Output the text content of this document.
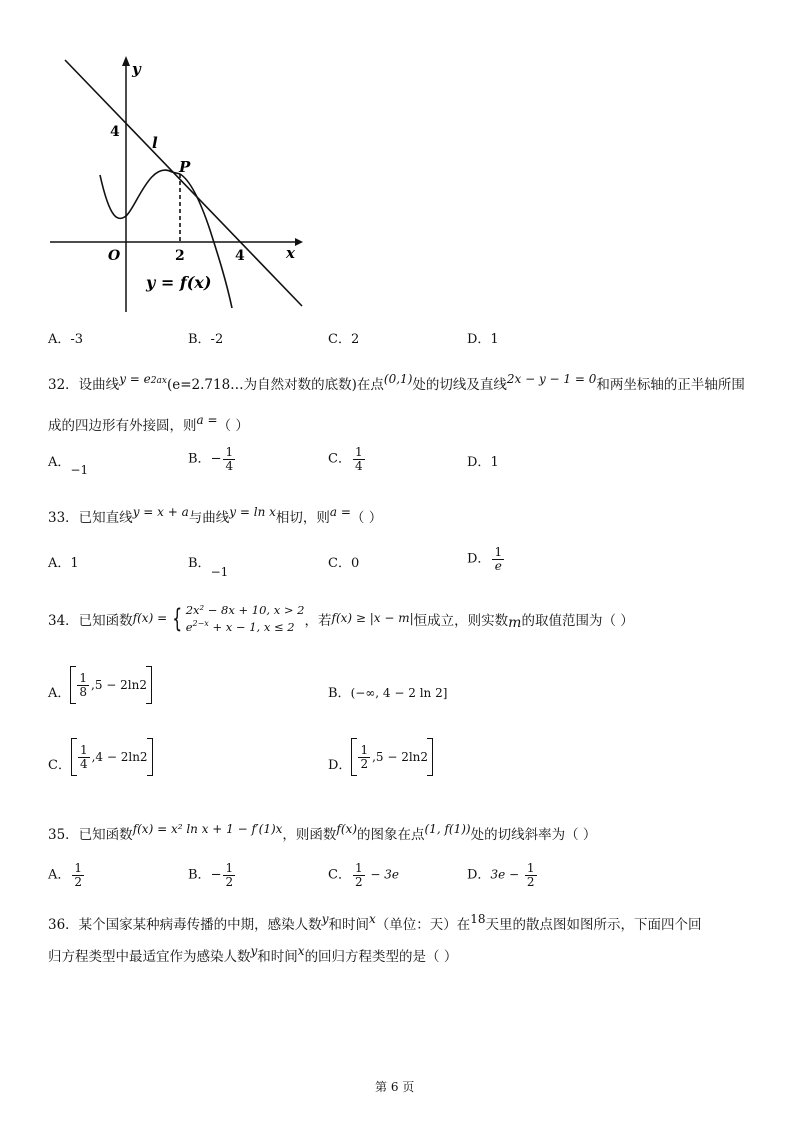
y
x
O
4
2	4
l
P
y = f(x)
A．-3	B．-2	C．2	D．1
32．设曲线$y = e^{2ax}(e=2.718\dots$为自然对数的底数)在点(0,1)处的切线及直线2x − y − 1 = 0和两坐标轴的正半轴所围
成的四边形有外接圆，则a =（ ）
A．−1
B．− $\frac{1}{4}$	C． $\frac{1}{4}$	D．1
33．已知直线y = x + a与曲线y = ln x相切，则a =（ ）
A．1	B．−1
C．0	D． $\frac{1}{e}$
34．已知函数 f(x) = { 2x² − 8x + 10, x > 2
$e^{2-x} + x - 1$, x ≤ 2 ，若 f(x) ≥ |x − m| 恒成立，则实数 m 的取值范围为（ ）
A． $\frac{1}{8} ,5 - 2\ln 2$
B．(−∞, 4 − 2 ln 2]
C． $\frac{1}{4} ,4 - 2\ln 2$
D． $\frac{1}{2} ,5 - 2\ln 2$
35．已知函数f(x) = x² ln x + 1 − f′(1)x，则函数f(x)的图象在点(1, f(1))处的切线斜率为（ ）
A． $\frac{1}{2}$	B．− $\frac{1}{2}$	C． $\frac{1}{2} - 3e$	D．$3e - \frac{1}{2}$
36．某个国家某种病毒传播的中期，感染人数y和时间x（单位：天）在18天里的散点图如图所示，下面四个回
归方程类型中最适宜作为感染人数y和时间x的回归方程类型的是（ ）
第 6 页
